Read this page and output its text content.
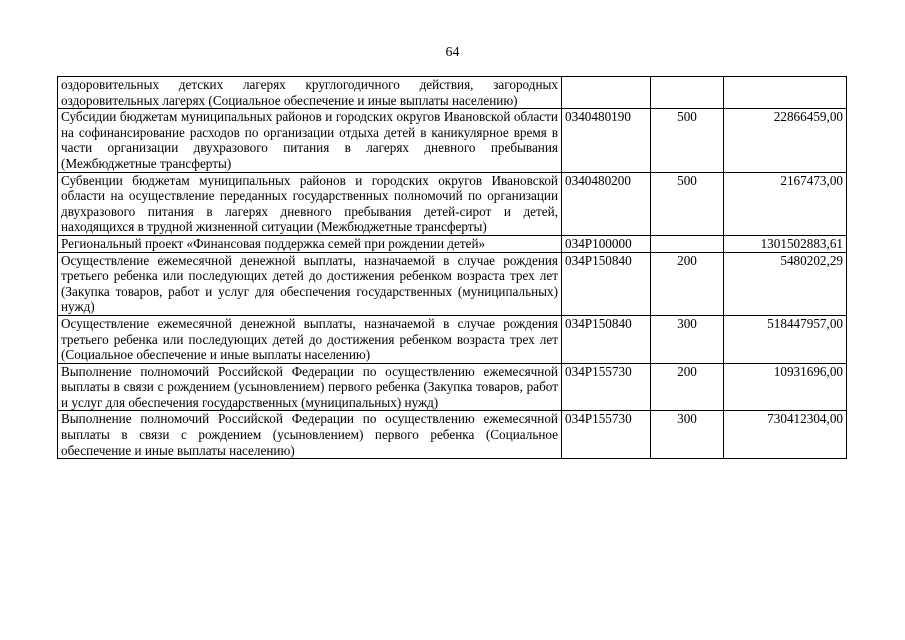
64
оздоровительных детских лагерях круглогодичного действия, загородных оздоровительных лагерях (Социальное обеспечение и иные выплаты населению)			
Субсидии бюджетам муниципальных районов и городских округов Ивановской области на софинансирование расходов по организации отдыха детей в каникулярное время в части организации двухразового питания в лагерях дневного пребывания (Межбюджетные трансферты)	0340480190	500	22866459,00
Субвенции бюджетам муниципальных районов и городских округов Ивановской области на осуществление переданных государственных полномочий по организации двухразового питания в лагерях дневного пребывания детей-сирот и детей, находящихся в трудной жизненной ситуации (Межбюджетные трансферты)	0340480200	500	2167473,00
Региональный проект «Финансовая поддержка семей при рождении детей»	034P100000		1301502883,61
Осуществление ежемесячной денежной выплаты, назначаемой в случае рождения третьего ребенка или последующих детей до достижения ребенком возраста трех лет (Закупка товаров, работ и услуг для обеспечения государственных (муниципальных) нужд)	034P150840	200	5480202,29
Осуществление ежемесячной денежной выплаты, назначаемой в случае рождения третьего ребенка или последующих детей до достижения ребенком возраста трех лет (Социальное обеспечение и иные выплаты населению)	034P150840	300	518447957,00
Выполнение полномочий Российской Федерации по осуществлению ежемесячной выплаты в связи с рождением (усыновлением) первого ребенка (Закупка товаров, работ и услуг для обеспечения государственных (муниципальных) нужд)	034P155730	200	10931696,00
Выполнение полномочий Российской Федерации по осуществлению ежемесячной выплаты в связи с рождением (усыновлением) первого ребенка (Социальное обеспечение и иные выплаты населению)	034P155730	300	730412304,00
